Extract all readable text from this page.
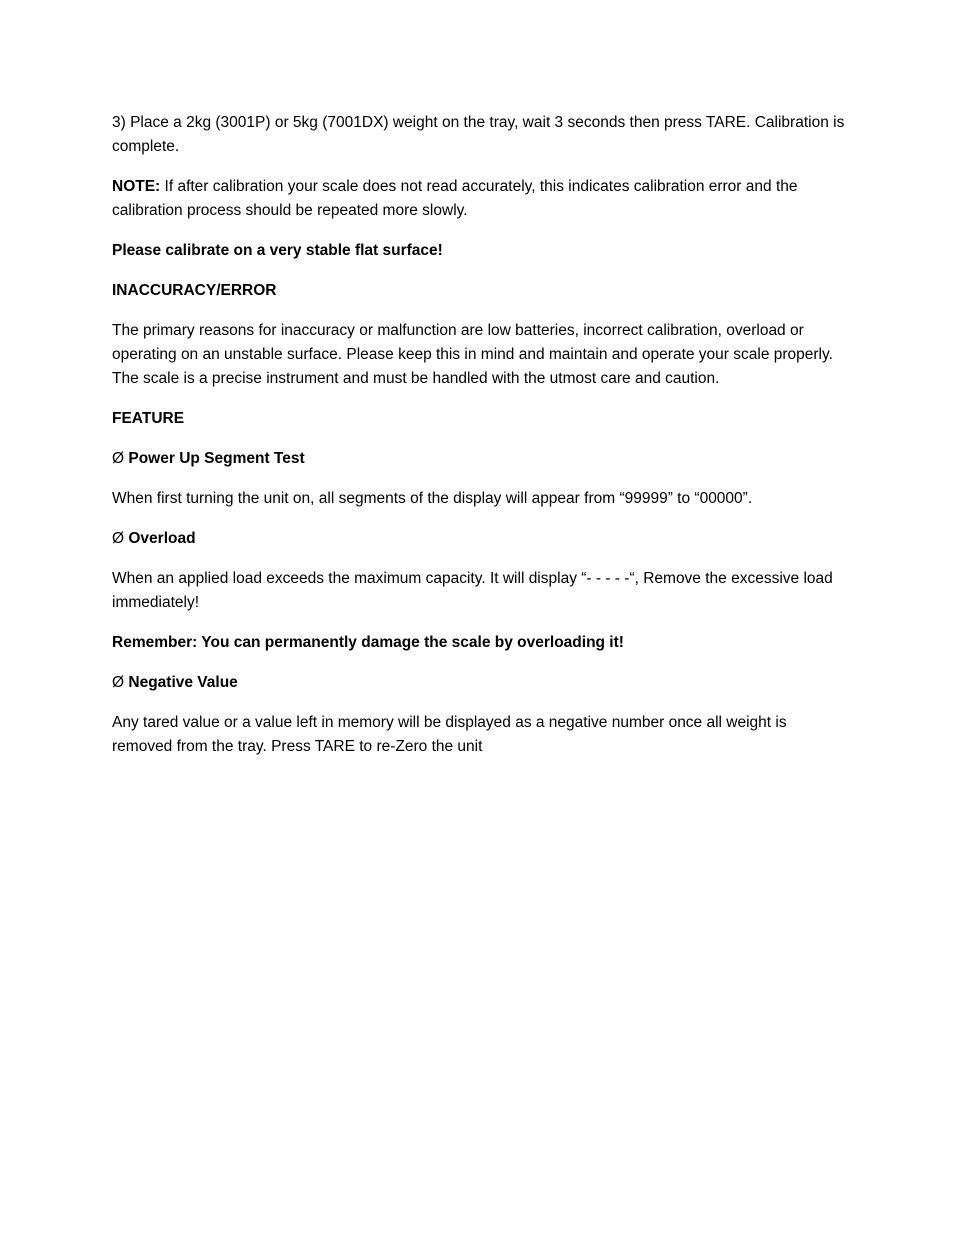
3) Place a 2kg (3001P) or 5kg (7001DX) weight on the tray, wait 3 seconds then press TARE. Calibration is complete.

NOTE: If after calibration your scale does not read accurately, this indicates calibration error and the calibration process should be repeated more slowly.

Please calibrate on a very stable flat surface!

INACCURACY/ERROR

The primary reasons for inaccuracy or malfunction are low batteries, incorrect calibration, overload or operating on an unstable surface. Please keep this in mind and maintain and operate your scale properly. The scale is a precise instrument and must be handled with the utmost care and caution.

FEATURE

Ø Power Up Segment Test

When first turning the unit on, all segments of the display will appear from “99999” to “00000”.

Ø Overload

When an applied load exceeds the maximum capacity. It will display “- - - - -“, Remove the excessive load immediately!

Remember: You can permanently damage the scale by overloading it!

Ø Negative Value

Any tared value or a value left in memory will be displayed as a negative number once all weight is removed from the tray. Press TARE to re-Zero the unit
